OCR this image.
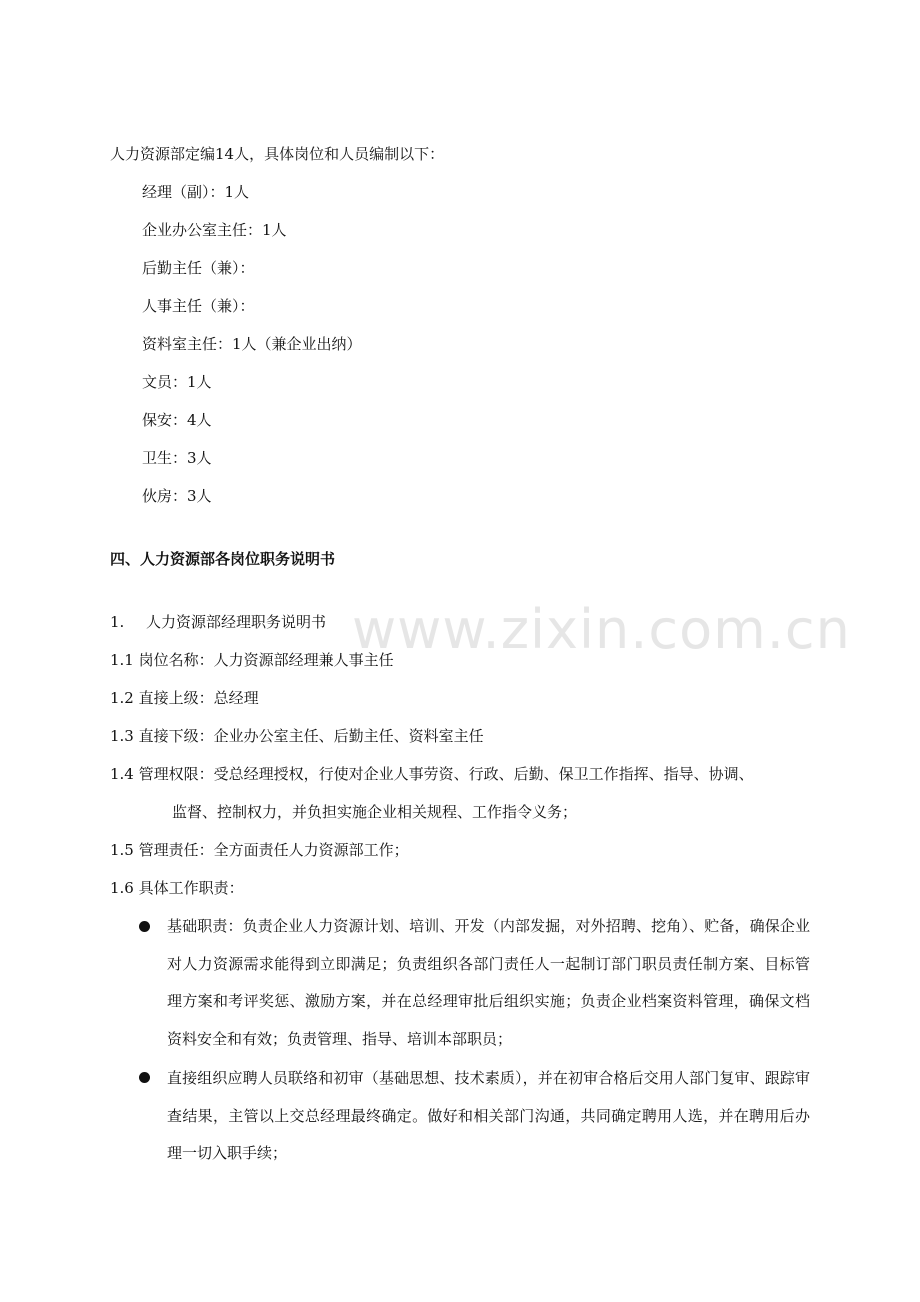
www.zixin.com.cn
人力资源部定编14人，具体岗位和人员编制以下：
经理（副）：1人
企业办公室主任：1人
后勤主任（兼）：
人事主任（兼）：
资料室主任：1人（兼企业出纳）
文员：1人
保安：4人
卫生：3人
伙房：3人
四、人力资源部各岗位职务说明书
1. 人力资源部经理职务说明书
1.1 岗位名称：人力资源部经理兼人事主任
1.2 直接上级：总经理
1.3 直接下级：企业办公室主任、后勤主任、资料室主任
1.4 管理权限：受总经理授权，行使对企业人事劳资、行政、后勤、保卫工作指挥、指导、协调、
监督、控制权力，并负担实施企业相关规程、工作指令义务；
1.5 管理责任：全方面责任人力资源部工作；
1.6 具体工作职责：
基础职责：负责企业人力资源计划、培训、开发（内部发掘，对外招聘、挖角）、贮备，确保企业对人力资源需求能得到立即满足；负责组织各部门责任人一起制订部门职员责任制方案、目标管理方案和考评奖惩、激励方案，并在总经理审批后组织实施；负责企业档案资料管理，确保文档资料安全和有效；负责管理、指导、培训本部职员；
直接组织应聘人员联络和初审（基础思想、技术素质），并在初审合格后交用人部门复审、跟踪审查结果，主管以上交总经理最终确定。做好和相关部门沟通，共同确定聘用人选，并在聘用后办理一切入职手续；
